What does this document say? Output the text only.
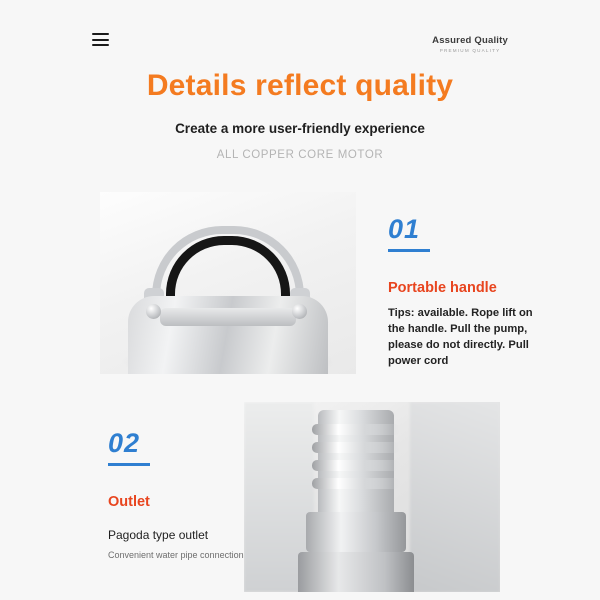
Assured Quality
PREMIUM QUALITY
Details reflect quality
Create a more user-friendly experience
ALL COPPER CORE MOTOR
01
Portable handle
Tips: available. Rope lift on the handle. Pull the pump, please do not directly. Pull power cord
02
Outlet
Pagoda type outlet
Convenient water pipe connection
